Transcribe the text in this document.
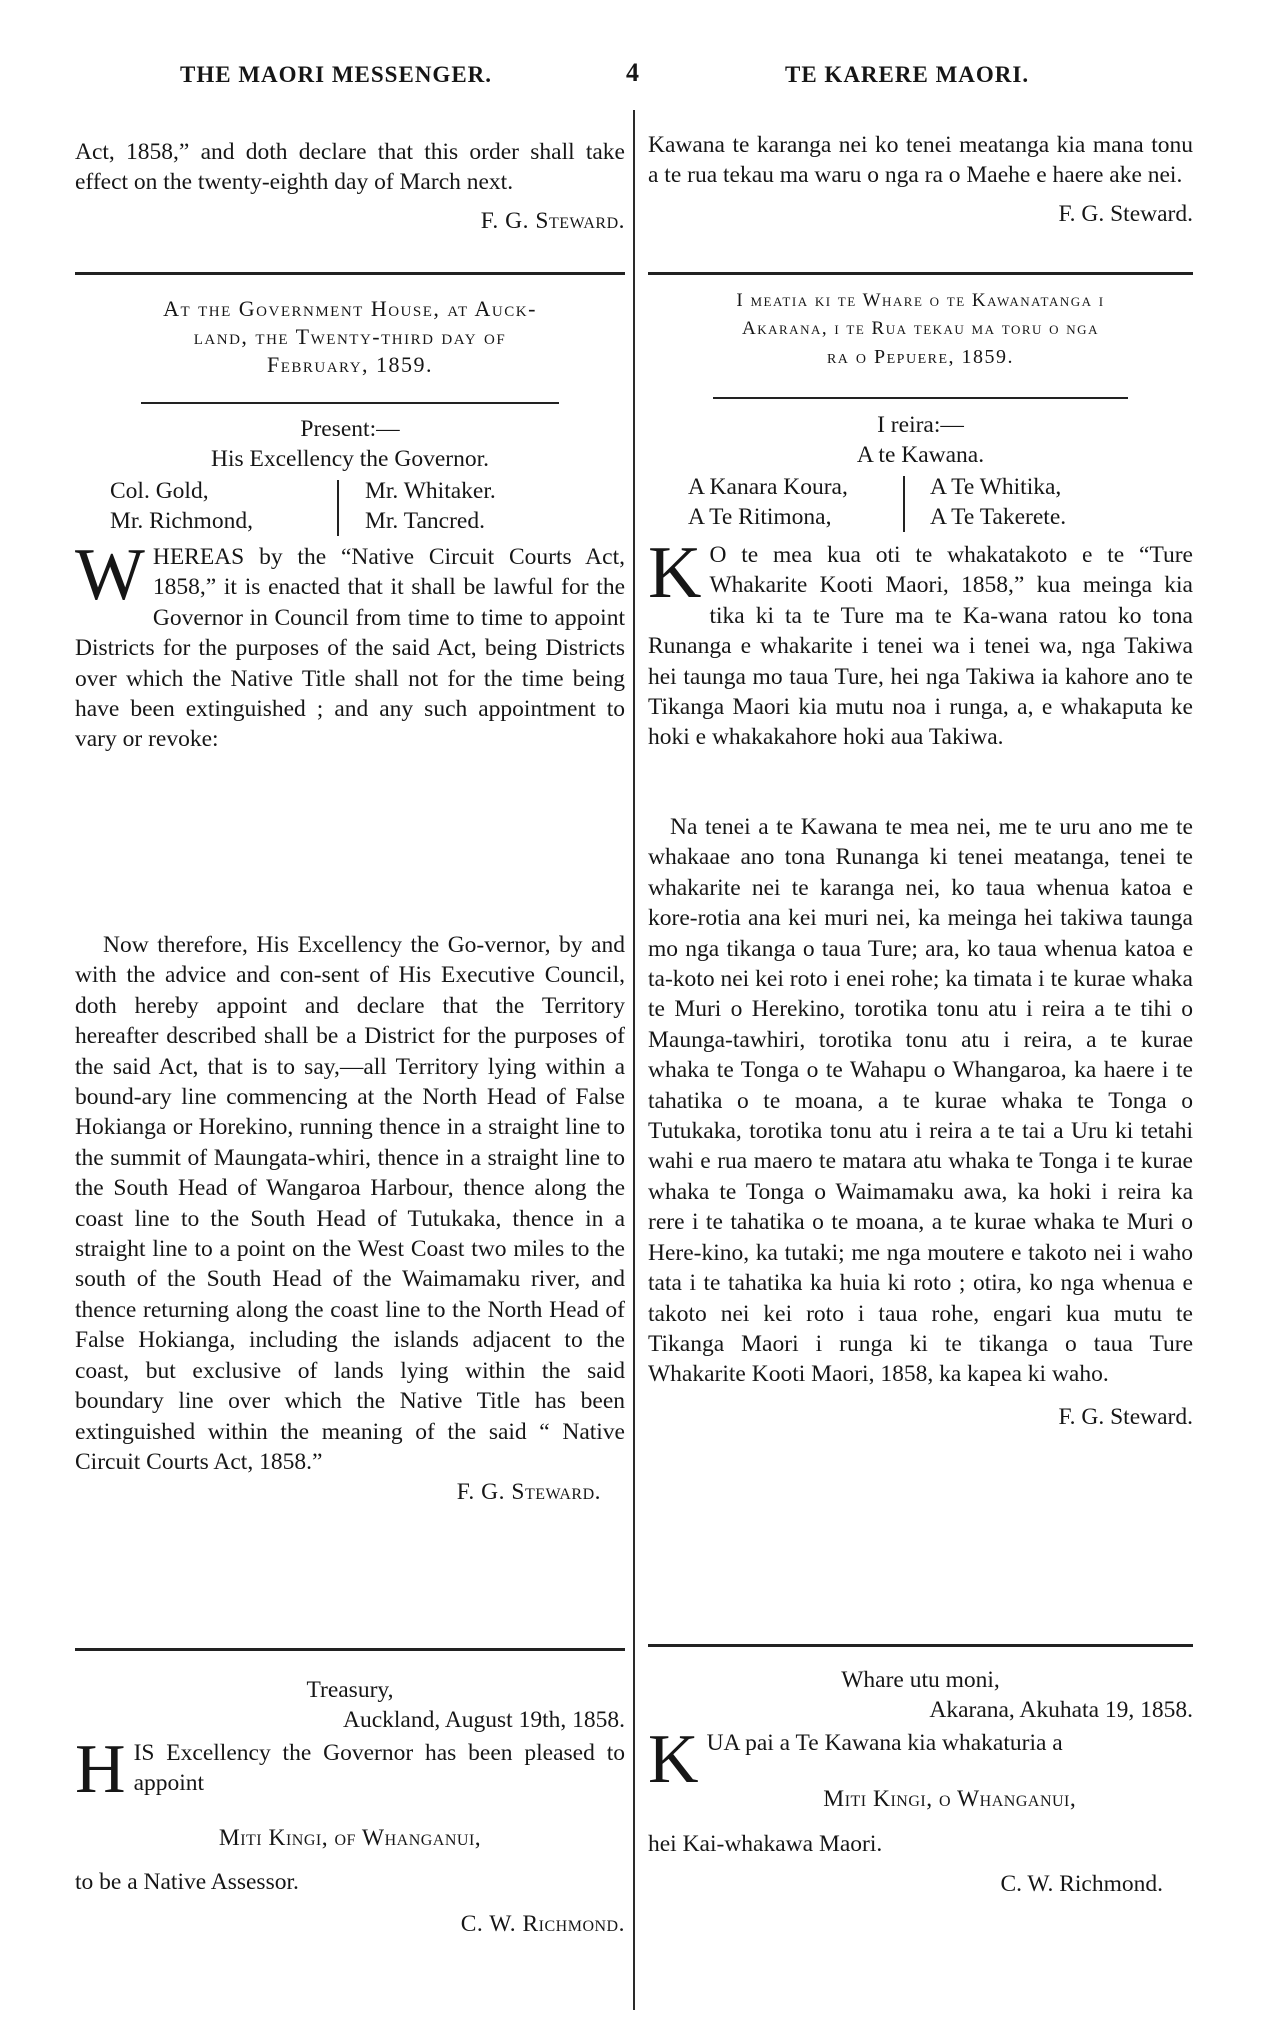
THE MAORI MESSENGER.	4	TE KARERE MAORI.

Act, 1858,” and doth declare that this order shall take effect on the twenty-eighth day of March next.

F. G. Steward.
At the Government House, at Auck-
land, the Twenty-third day of
February, 1859.
Present:—
His Excellency the Governor.
Col. Gold,
Mr. Richmond,
Mr. Whitaker.
Mr. Tancred.

WHEREAS by the “Native Circuit Courts Act, 1858,” it is enacted that it shall be lawful for the Governor in Council from time to time to appoint Districts for the purposes of the said Act, being Districts over which the Native Title shall not for the time being have been extinguished ; and any such appointment to vary or revoke:

Now therefore, His Excellency the Go-vernor, by and with the advice and con-sent of His Executive Council, doth hereby appoint and declare that the Territory hereafter described shall be a District for the purposes of the said Act, that is to say,—all Territory lying within a bound-ary line commencing at the North Head of False Hokianga or Horekino, running thence in a straight line to the summit of Maungata-whiri, thence in a straight line to the South Head of Wangaroa Harbour, thence along the coast line to the South Head of Tutukaka, thence in a straight line to a point on the West Coast two miles to the south of the South Head of the Waimamaku river, and thence returning along the coast line to the North Head of False Hokianga, including the islands adjacent to the coast, but exclusive of lands lying within the said boundary line over which the Native Title has been extinguished within the meaning of the said “ Native Circuit Courts Act, 1858.”

F. G. Steward.
Treasury,
Auckland, August 19th, 1858.

HIS Excellency the Governor has been pleased to appoint

Miti Kingi, of Whanganui,
to be a Native Assessor.
C. W. Richmond.

Kawana te karanga nei ko tenei meatanga kia mana tonu a te rua tekau ma waru o nga ra o Maehe e haere ake nei.

F. G. Steward.
I meatia ki te Whare o te Kawanatanga i
Akarana, i te Rua tekau ma toru o nga
ra o Pepuere, 1859.
I reira:—
A te Kawana.
A Kanara Koura,
A Te Ritimona,
A Te Whitika,
A Te Takerete.

K O te mea kua oti te whakatakoto e te “Ture Whakarite Kooti Maori, 1858,” kua meinga kia tika ki ta te Ture ma te Ka-wana ratou ko tona Runanga e whakarite i tenei wa i tenei wa, nga Takiwa hei taunga mo taua Ture, hei nga Takiwa ia kahore ano te Tikanga Maori kia mutu noa i runga, a, e whakaputa ke hoki e whakakahore hoki aua Takiwa.

Na tenei a te Kawana te mea nei, me te uru ano me te whakaae ano tona Runanga ki tenei meatanga, tenei te whakarite nei te karanga nei, ko taua whenua katoa e kore-rotia ana kei muri nei, ka meinga hei takiwa taunga mo nga tikanga o taua Ture; ara, ko taua whenua katoa e ta-koto nei kei roto i enei rohe; ka timata i te kurae whaka te Muri o Herekino, torotika tonu atu i reira a te tihi o Maunga-tawhiri, torotika tonu atu i reira, a te kurae whaka te Tonga o te Wahapu o Whangaroa, ka haere i te tahatika o te moana, a te kurae whaka te Tonga o Tutukaka, torotika tonu atu i reira a te tai a Uru ki tetahi wahi e rua maero te matara atu whaka te Tonga i te kurae whaka te Tonga o Waimamaku awa, ka hoki i reira ka rere i te tahatika o te moana, a te kurae whaka te Muri o Here-kino, ka tutaki; me nga moutere e takoto nei i waho tata i te tahatika ka huia ki roto ; otira, ko nga whenua e takoto nei kei roto i taua rohe, engari kua mutu te Tikanga Maori i runga ki te tikanga o taua Ture Whakarite Kooti Maori, 1858, ka kapea ki waho.

F. G. Steward.
Whare utu moni,
Akarana, Akuhata 19, 1858.

KUA pai a Te Kawana kia whakaturia a

Miti Kingi, o Whanganui,
hei Kai-whakawa Maori.
C. W. Richmond.
